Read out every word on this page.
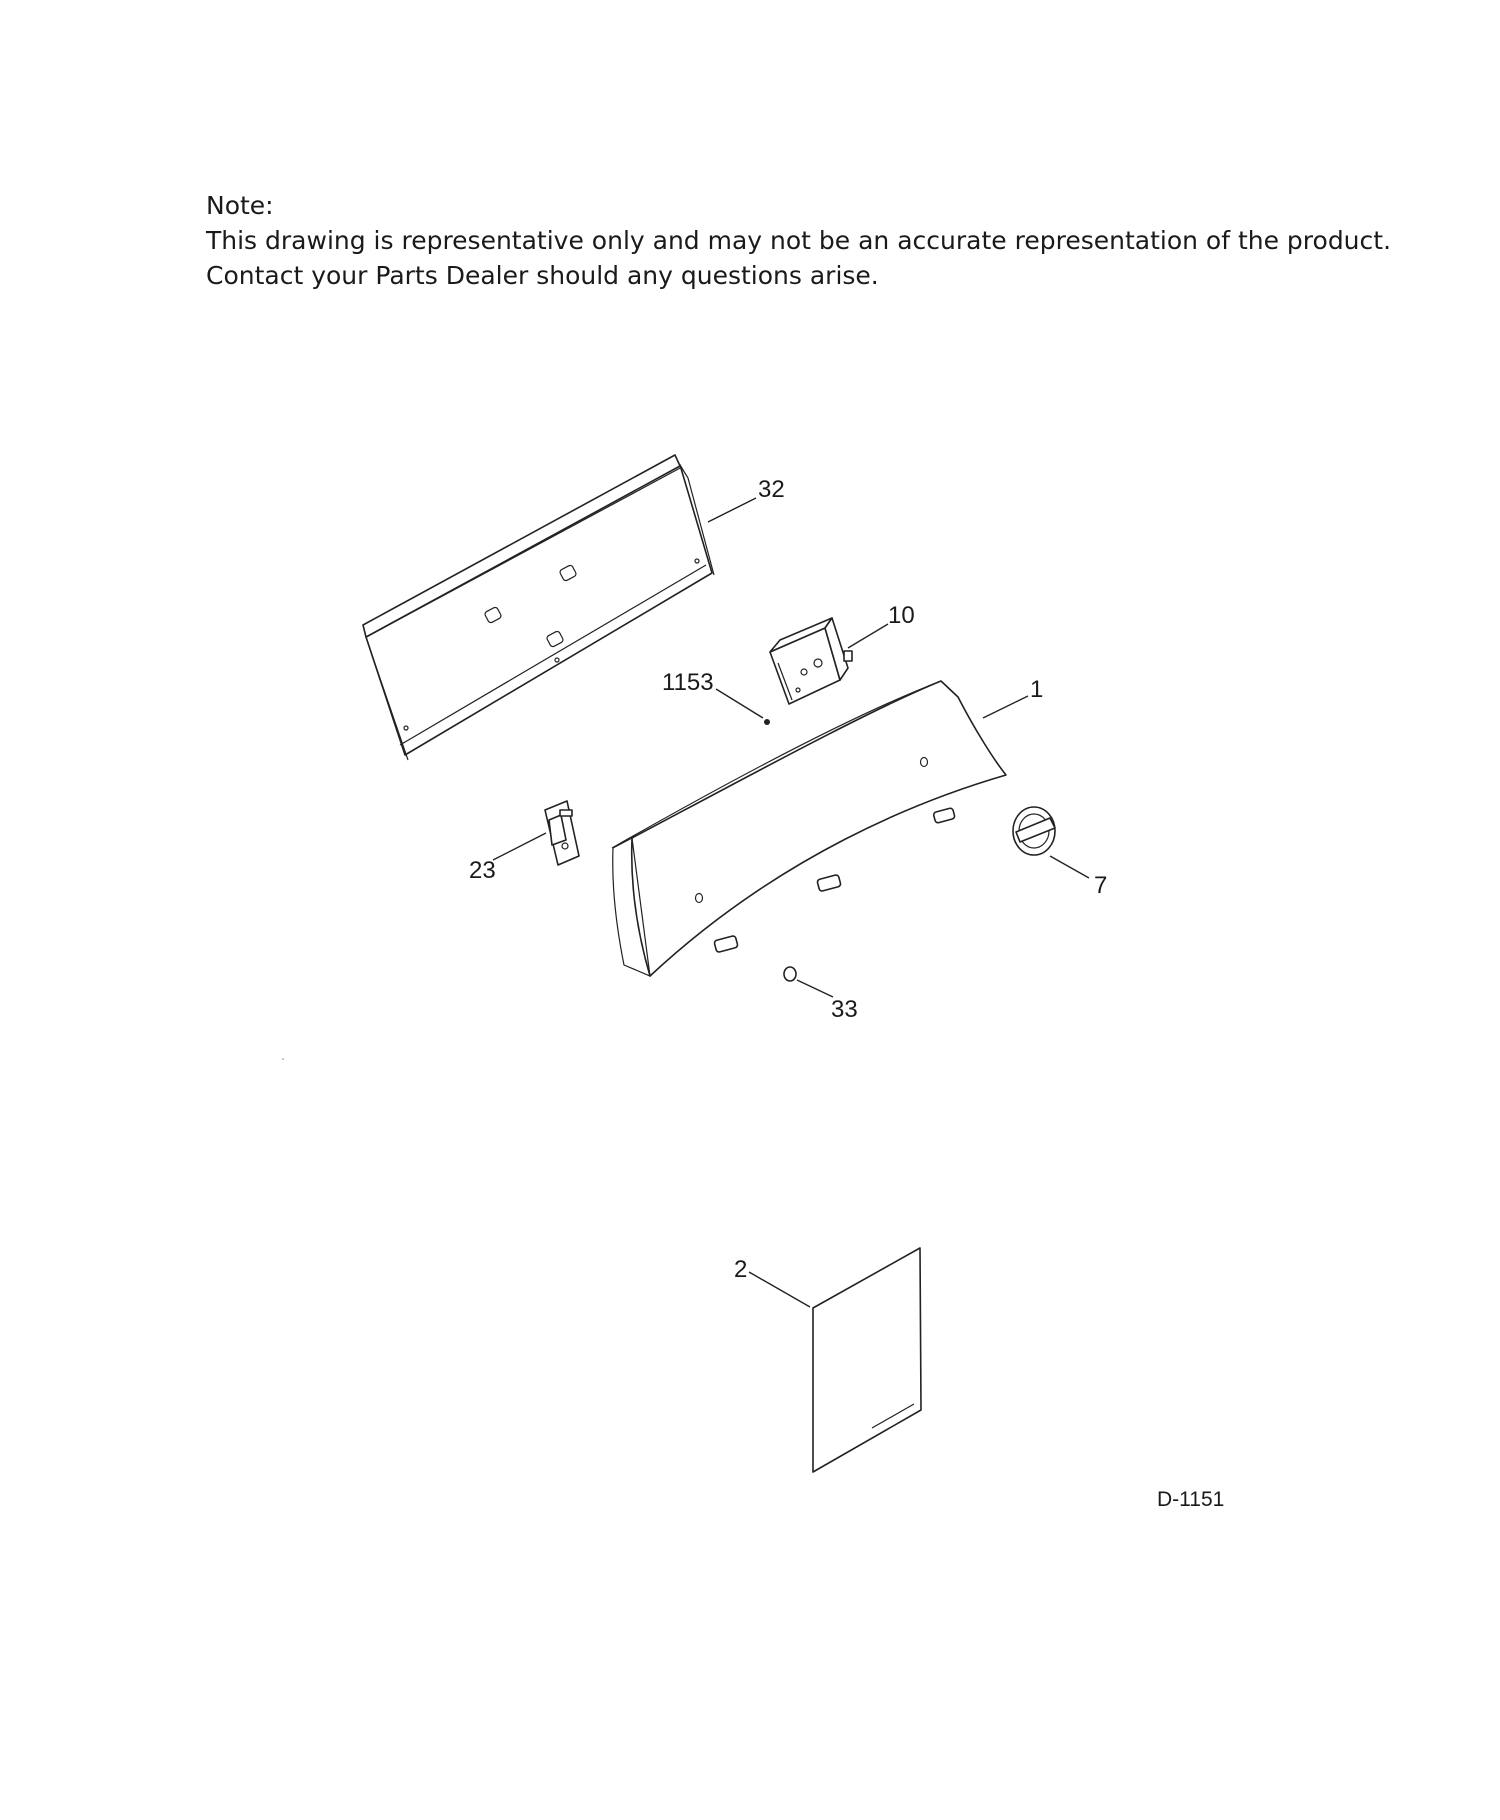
Note:
This drawing is representative only and may not be an accurate representation of the product.
Contact your Parts Dealer should any questions arise.
32
10
1153	1
23
7
33
2
D-1151
